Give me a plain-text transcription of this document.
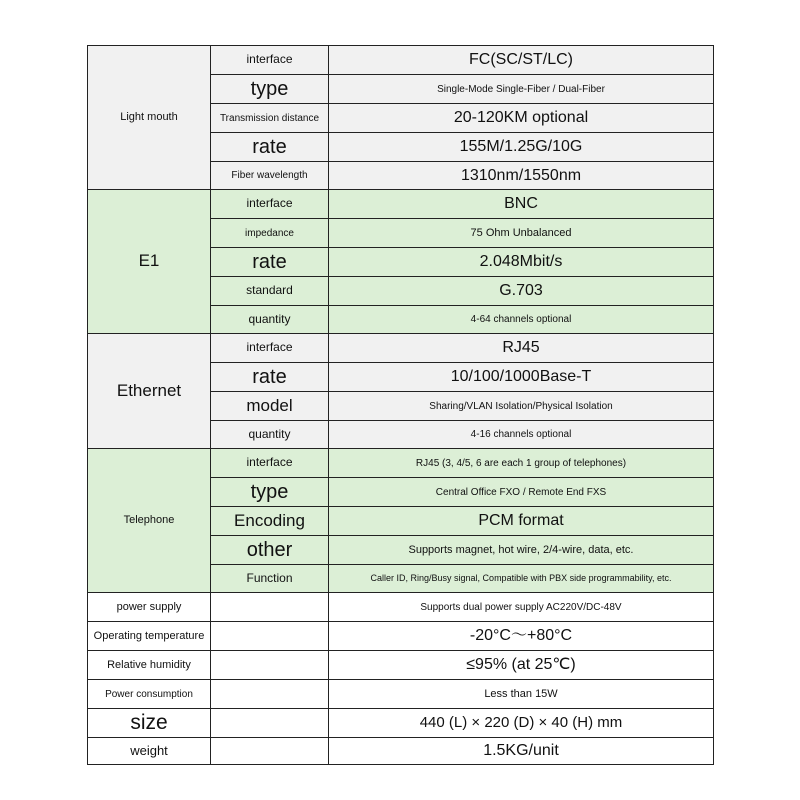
Light mouth	interface	FC(SC/ST/LC)
	type	Single-Mode Single-Fiber / Dual-Fiber
	Transmission distance	20-120KM optional
	rate	155M/1.25G/10G
	Fiber wavelength	1310nm/1550nm
E1	interface	BNC
	impedance	75 Ohm Unbalanced
	rate	2.048Mbit/s
	standard	G.703
	quantity	4-64 channels optional
Ethernet	interface	RJ45
	rate	10/100/1000Base-T
	model	Sharing/VLAN Isolation/Physical Isolation
	quantity	4-16 channels optional
Telephone	interface	RJ45 (3, 4/5, 6 are each 1 group of telephones)
	type	Central Office FXO / Remote End FXS
	Encoding	PCM format
	other	Supports magnet, hot wire, 2/4-wire, data, etc.
	Function	Caller ID, Ring/Busy signal, Compatible with PBX side programmability, etc.
power supply		Supports dual power supply AC220V/DC-48V
Operating temperature		-20°C～+80°C
Relative humidity		≤95% (at 25℃)
Power consumption		Less than 15W
size		440 (L) × 220 (D) × 40 (H) mm
weight		1.5KG/unit
